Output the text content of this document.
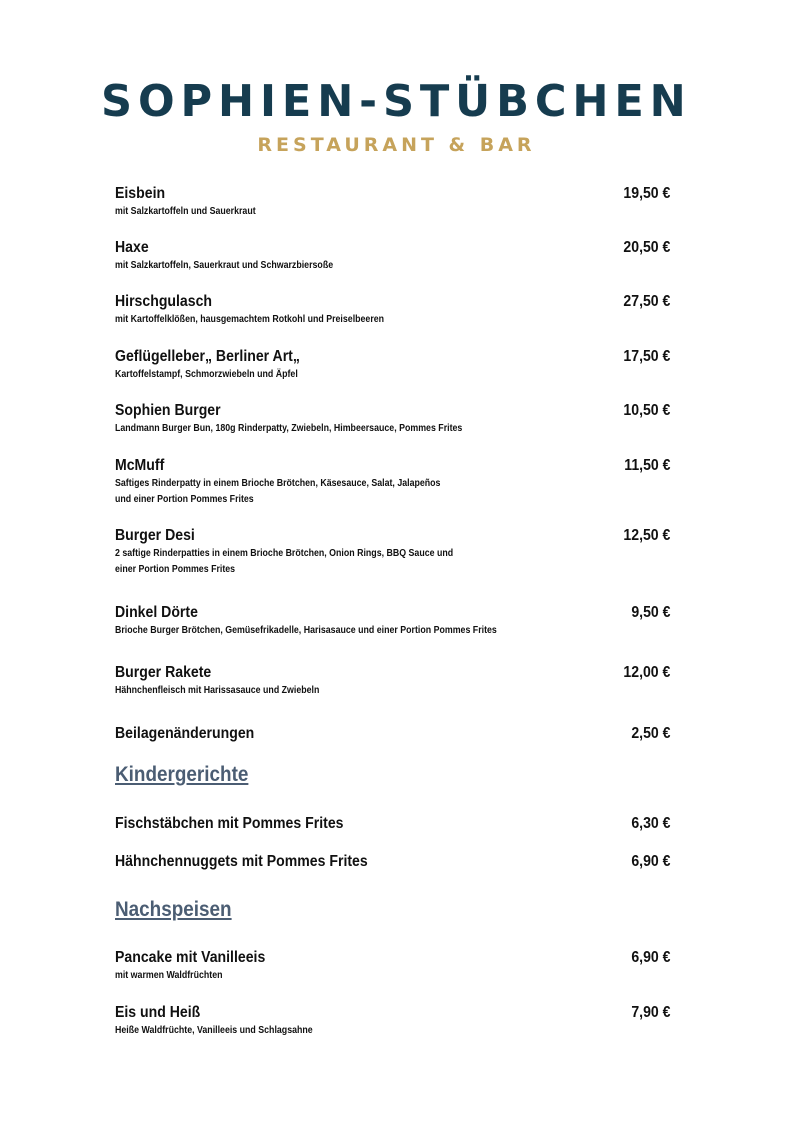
SOPHIEN-STÜBCHEN
RESTAURANT & BAR
Eisbein	19,50 €
mit Salzkartoffeln und Sauerkraut
Haxe	20,50 €
mit Salzkartoffeln, Sauerkraut und Schwarzbiersoße
Hirschgulasch	27,50 €
mit Kartoffelklößen, hausgemachtem Rotkohl und Preiselbeeren
Geflügelleber„ Berliner Art„	17,50 €
Kartoffelstampf, Schmorzwiebeln und Äpfel
Sophien Burger	10,50 €
Landmann Burger Bun, 180g Rinderpatty, Zwiebeln, Himbeersauce, Pommes Frites
McMuff	11,50 €
Saftiges Rinderpatty in einem Brioche Brötchen, Käsesauce, Salat, Jalapeños
und einer Portion Pommes Frites
Burger Desi	12,50 €
2 saftige Rinderpatties in einem Brioche Brötchen, Onion Rings, BBQ Sauce und
einer Portion Pommes Frites
Dinkel Dörte	9,50 €
Brioche Burger Brötchen, Gemüsefrikadelle, Harisasauce und einer Portion Pommes Frites
Burger Rakete	12,00 €
Hähnchenfleisch mit Harissasauce und Zwiebeln
Beilagenänderungen	2,50 €
Fischstäbchen mit Pommes Frites	6,30 €
Hähnchennuggets mit Pommes Frites	6,90 €
Pancake mit Vanilleeis	6,90 €
mit warmen Waldfrüchten
Eis und Heiß	7,90 €
Heiße Waldfrüchte, Vanilleeis und Schlagsahne
Kindergerichte
Nachspeisen
